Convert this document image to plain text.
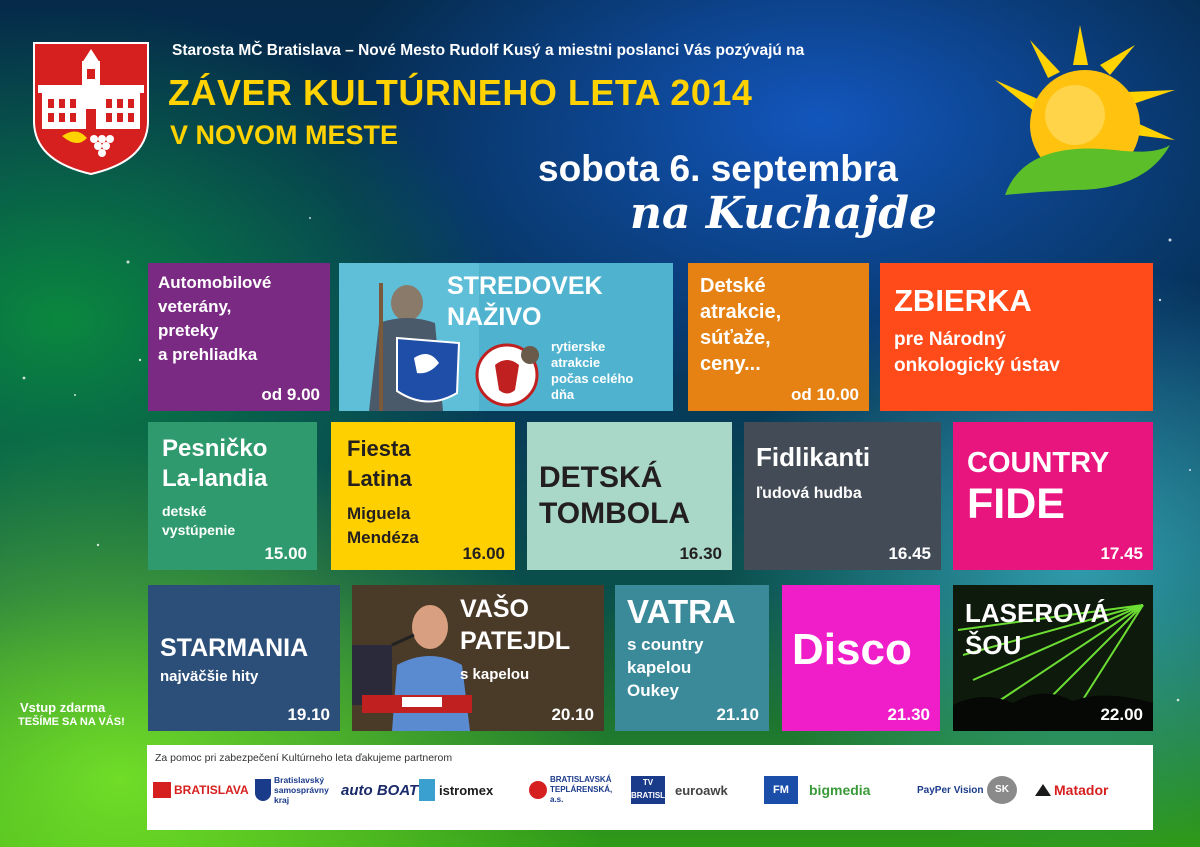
Starosta MČ Bratislava – Nové Mesto Rudolf Kusý a miestni poslanci Vás pozývajú na
ZÁVER KULTÚRNEHO LETA 2014
V NOVOM MESTE
sobota 6. septembra
na Kuchajde
Automobilové
veterány,
preteky
a prehliadka
od 9.00
STREDOVEK
NAŽIVO
rytierske
atrakcie
počas celého
dňa
Detské
atrakcie,
súťaže,
ceny...
od 10.00
ZBIERKA
pre Národný
onkologický ústav
Pesničko
La-landia
detské
vystúpenie
15.00
Fiesta
Latina
Miguela
Mendéza
16.00
DETSKÁ
TOMBOLA
16.30
Fidlikanti
ľudová hudba
16.45
COUNTRY
FIDE
17.45
STARMANIA
najväčšie hity
19.10
VAŠO
PATEJDL
s kapelou
20.10
VATRA
s country
kapelou
Oukey
21.10
Disco
21.30
LASEROVÁ
ŠOU
22.00
Vstup zdarma
TEŠÍME SA NA VÁS!
Za pomoc pri zabezpečení Kultúrneho leta ďakujeme partnerom
BRATISLAVA
Bratislavský samosprávny kraj
auto BOAT istromex
BRATISLAVSKÁ TEPLÁRENSKÁ, a.s.
TV BRATISLAVA
euroawk	FM	bigmedia	PayPer Vision	SK	Matador
